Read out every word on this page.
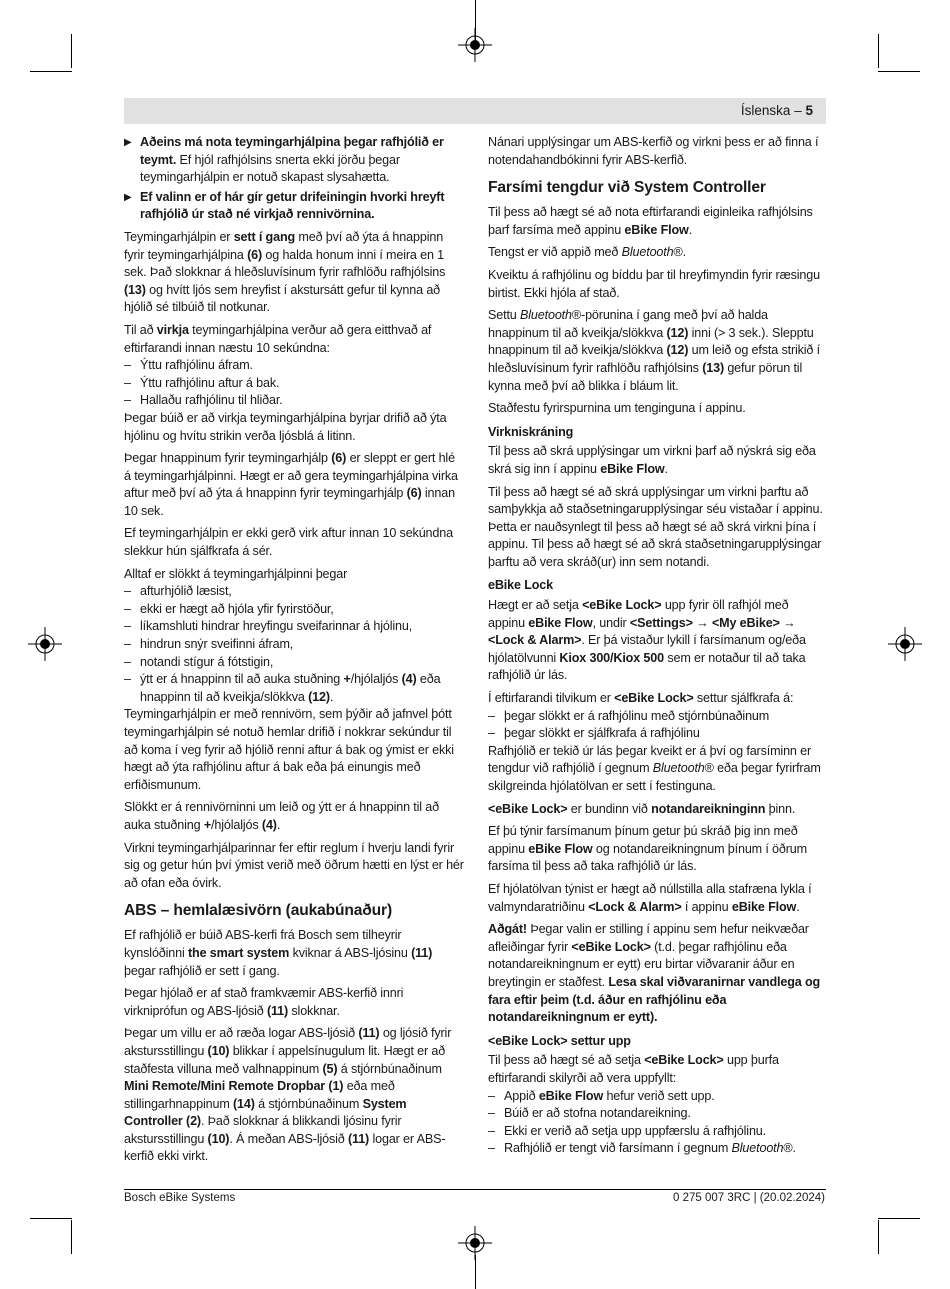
Íslenska – 5
▶ Aðeins má nota teymingarhjálpina þegar rafhjólið er teymt. Ef hjól rafhjólsins snerta ekki jörðu þegar teymingarhjálpin er notuð skapast slysahætta.
▶ Ef valinn er of hár gír getur drifeiningin hvorki hreyft rafhjólið úr stað né virkjað rennivörnina.

Teymingarhjálpin er sett í gang með því að ýta á hnappinn fyrir teymingarhjálpina (6) og halda honum inni í meira en 1 sek. Það slokknar á hleðsluvísinum fyrir rafhlöðu rafhjólsins (13) og hvítt ljós sem hreyfist í akstursátt gefur til kynna að hjólið sé tilbúið til notkunar.

Til að virkja teymingarhjálpina verður að gera eitthvað af eftirfarandi innan næstu 10 sekúndna:

– Ýttu rafhjólinu áfram.
– Ýttu rafhjólinu aftur á bak.
– Hallaðu rafhjólinu til hliðar.

Þegar búið er að virkja teymingarhjálpina byrjar drifið að ýta hjólinu og hvítu strikin verða ljósblá á litinn.

Þegar hnappinum fyrir teymingarhjálp (6) er sleppt er gert hlé á teymingarhjálpinni. Hægt er að gera teymingarhjálpina virka aftur með því að ýta á hnappinn fyrir teymingarhjálp (6) innan 10 sek.

Ef teymingarhjálpin er ekki gerð virk aftur innan 10 sekúndna slekkur hún sjálfkrafa á sér.

Alltaf er slökkt á teymingarhjálpinni þegar

– afturhjólið læsist,
– ekki er hægt að hjóla yfir fyrirstöður,
– líkamshluti hindrar hreyfingu sveifarinnar á hjólinu,
– hindrun snýr sveifinni áfram,
– notandi stígur á fótstigin,
– ýtt er á hnappinn til að auka stuðning +/hjólaljós (4) eða hnappinn til að kveikja/slökkva (12).

Teymingarhjálpin er með rennivörn, sem þýðir að jafnvel þótt teymingarhjálpin sé notuð hemlar drifið í nokkrar sekúndur til að koma í veg fyrir að hjólið renni aftur á bak og ýmist er ekki hægt að ýta rafhjólinu aftur á bak eða þá einungis með erfiðismunum.

Slökkt er á rennivörninni um leið og ýtt er á hnappinn til að auka stuðning +/hjólaljós (4).

Virkni teymingarhjálparinnar fer eftir reglum í hverju landi fyrir sig og getur hún því ýmist verið með öðrum hætti en lýst er hér að ofan eða óvirk.

ABS – hemlalæsivörn (aukabúnaður)

Ef rafhjólið er búið ABS-kerfi frá Bosch sem tilheyrir kynslóðinni the smart system kviknar á ABS-ljósinu (11) þegar rafhjólið er sett í gang.

Þegar hjólað er af stað framkvæmir ABS-kerfið innri virkniprófun og ABS-ljósið (11) slokknar.

Þegar um villu er að ræða logar ABS-ljósið (11) og ljósið fyrir akstursstillingu (10) blikkar í appelsínugulum lit. Hægt er að staðfesta villuna með valhnappinum (5) á stjórnbúnaðinum Mini Remote/Mini Remote Dropbar (1) eða með stillingarhnappinum (14) á stjórnbúnaðinum System Controller (2). Það slokknar á blikkandi ljósinu fyrir akstursstillingu (10). Á meðan ABS-ljósið (11) logar er ABS-kerfið ekki virkt.

Nánari upplýsingar um ABS-kerfið og virkni þess er að finna í notendahandbókinni fyrir ABS-kerfið.

Farsími tengdur við System Controller

Til þess að hægt sé að nota eftirfarandi eiginleika rafhjólsins þarf farsíma með appinu eBike Flow.

Tengst er við appið með Bluetooth®.

Kveiktu á rafhjólinu og bíddu þar til hreyfimyndin fyrir ræsingu birtist. Ekki hjóla af stað.

Settu Bluetooth®-pörunina í gang með því að halda hnappinum til að kveikja/slökkva (12) inni (> 3 sek.). Slepptu hnappinum til að kveikja/slökkva (12) um leið og efsta strikið í hleðsluvísinum fyrir rafhlöðu rafhjólsins (13) gefur pörun til kynna með því að blikka í bláum lit.

Staðfestu fyrirspurnina um tenginguna í appinu.

Virkniskráning

Til þess að skrá upplýsingar um virkni þarf að nýskrá sig eða skrá sig inn í appinu eBike Flow.

Til þess að hægt sé að skrá upplýsingar um virkni þarftu að samþykkja að staðsetningarupplýsingar séu vistaðar í appinu. Þetta er nauðsynlegt til þess að hægt sé að skrá virkni þína í appinu. Til þess að hægt sé að skrá staðsetningarupplýsingar þarftu að vera skráð(ur) inn sem notandi.

eBike Lock

Hægt er að setja <eBike Lock> upp fyrir öll rafhjól með appinu eBike Flow, undir <Settings> → <My eBike> → <Lock & Alarm>. Er þá vistaður lykill í farsímanum og/eða hjólatölvunni Kiox 300/Kiox 500 sem er notaður til að taka rafhjólið úr lás.

Í eftirfarandi tilvikum er <eBike Lock> settur sjálfkrafa á:

– þegar slökkt er á rafhjólinu með stjórnbúnaðinum
– þegar slökkt er sjálfkrafa á rafhjólinu

Rafhjólið er tekið úr lás þegar kveikt er á því og farsíminn er tengdur við rafhjólið í gegnum Bluetooth® eða þegar fyrirfram skilgreinda hjólatölvan er sett í festinguna.

<eBike Lock> er bundinn við notandareikninginn þinn.

Ef þú týnir farsímanum þínum getur þú skráð þig inn með appinu eBike Flow og notandareikningnum þínum í öðrum farsíma til þess að taka rafhjólið úr lás.

Ef hjólatölvan týnist er hægt að núllstilla alla stafræna lykla í valmyndaratriðinu <Lock & Alarm> í appinu eBike Flow.

Aðgát! Þegar valin er stilling í appinu sem hefur neikvæðar afleiðingar fyrir <eBike Lock> (t.d. þegar rafhjólinu eða notandareikningnum er eytt) eru birtar viðvaranir áður en breytingin er staðfest. Lesa skal viðvaranirnar vandlega og fara eftir þeim (t.d. áður en rafhjólinu eða notandareikningnum er eytt).

<eBike Lock> settur upp

Til þess að hægt sé að setja <eBike Lock> upp þurfa eftirfarandi skilyrði að vera uppfyllt:

– Appið eBike Flow hefur verið sett upp.
– Búið er að stofna notandareikning.
– Ekki er verið að setja upp uppfærslu á rafhjólinu.
– Rafhjólið er tengt við farsímann í gegnum Bluetooth®.
Bosch eBike Systems	0 275 007 3RC | (20.02.2024)
